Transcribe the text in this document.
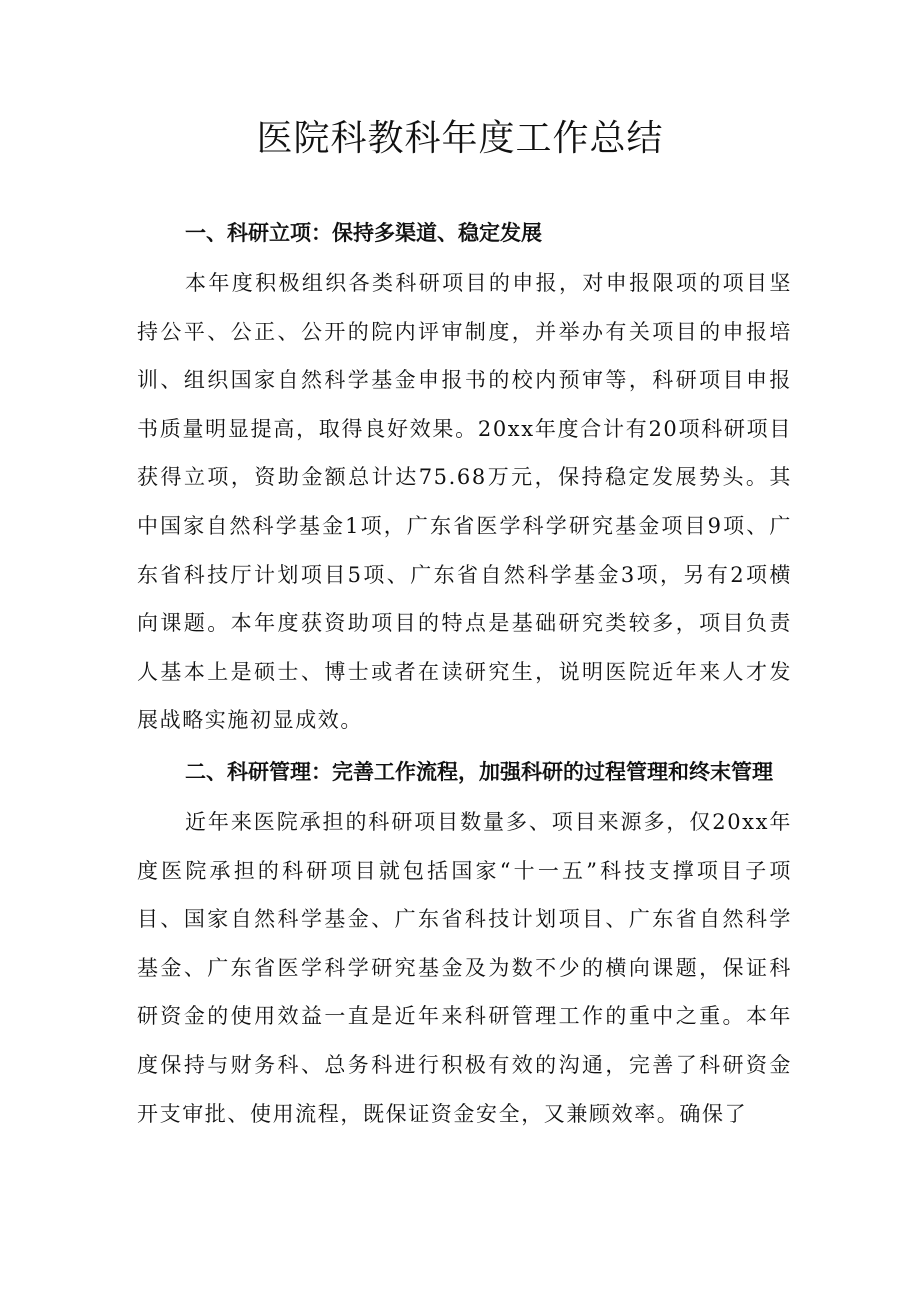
医院科教科年度工作总结

一、科研立项：保持多渠道、稳定发展

本年度积极组织各类科研项目的申报，对申报限项的项目坚持公平、公正、公开的院内评审制度，并举办有关项目的申报培训、组织国家自然科学基金申报书的校内预审等，科研项目申报书质量明显提高，取得良好效果。20xx年度合计有20项科研项目获得立项，资助金额总计达75.68万元，保持稳定发展势头。其中国家自然科学基金1项，广东省医学科学研究基金项目9项、广东省科技厅计划项目5项、广东省自然科学基金3项，另有2项横向课题。本年度获资助项目的特点是基础研究类较多，项目负责人基本上是硕士、博士或者在读研究生，说明医院近年来人才发展战略实施初显成效。

二、科研管理：完善工作流程，加强科研的过程管理和终末管理

近年来医院承担的科研项目数量多、项目来源多，仅20xx年度医院承担的科研项目就包括国家“十一五”科技支撑项目子项目、国家自然科学基金、广东省科技计划项目、广东省自然科学基金、广东省医学科学研究基金及为数不少的横向课题，保证科研资金的使用效益一直是近年来科研管理工作的重中之重。本年度保持与财务科、总务科进行积极有效的沟通，完善了科研资金开支审批、使用流程，既保证资金安全，又兼顾效率。确保了
